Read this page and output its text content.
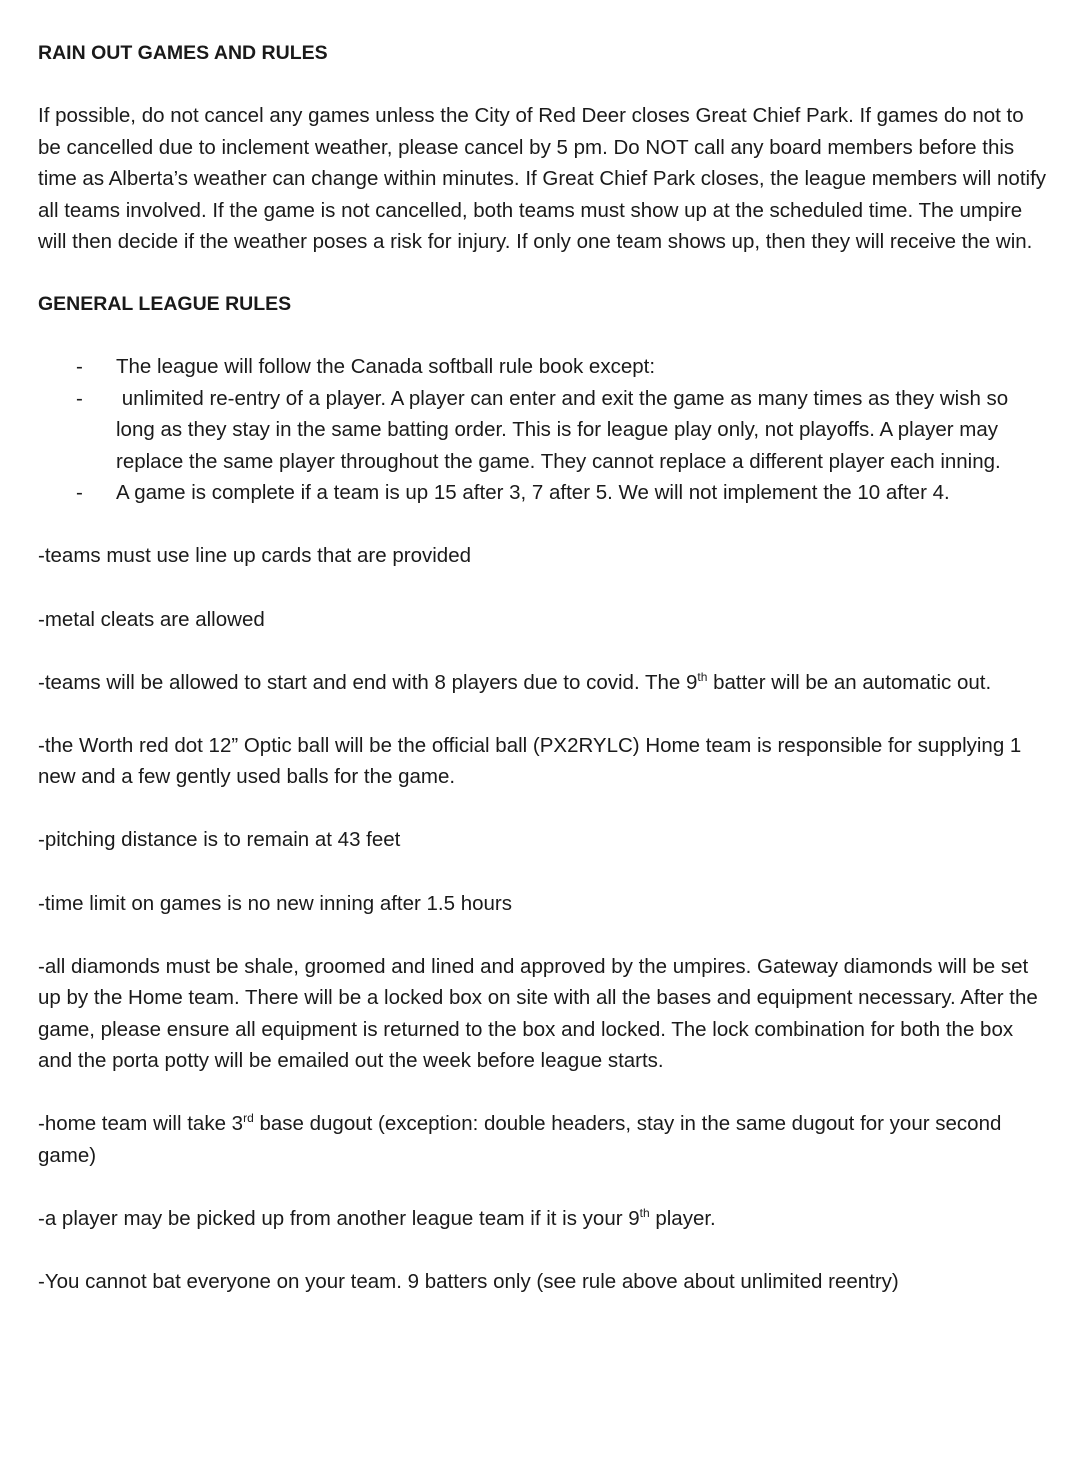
RAIN OUT GAMES AND RULES

If possible, do not cancel any games unless the City of Red Deer closes Great Chief Park. If games do not to be cancelled due to inclement weather, please cancel by 5 pm. Do NOT call any board members before this time as Alberta’s weather can change within minutes. If Great Chief Park closes, the league members will notify all teams involved. If the game is not cancelled, both teams must show up at the scheduled time. The umpire will then decide if the weather poses a risk for injury. If only one team shows up, then they will receive the win.

GENERAL LEAGUE RULES
- The league will follow the Canada softball rule book except:
- unlimited re-entry of a player. A player can enter and exit the game as many times as they wish so long as they stay in the same batting order. This is for league play only, not playoffs. A player may replace the same player throughout the game. They cannot replace a different player each inning.
- A game is complete if a team is up 15 after 3, 7 after 5. We will not implement the 10 after 4.

-teams must use line up cards that are provided

-metal cleats are allowed

-teams will be allowed to start and end with 8 players due to covid. The 9th batter will be an automatic out.

-the Worth red dot 12” Optic ball will be the official ball (PX2RYLC) Home team is responsible for supplying 1 new and a few gently used balls for the game.

-pitching distance is to remain at 43 feet

-time limit on games is no new inning after 1.5 hours

-all diamonds must be shale, groomed and lined and approved by the umpires. Gateway diamonds will be set up by the Home team. There will be a locked box on site with all the bases and equipment necessary. After the game, please ensure all equipment is returned to the box and locked. The lock combination for both the box and the porta potty will be emailed out the week before league starts.

-home team will take 3rd base dugout (exception: double headers, stay in the same dugout for your second game)

-a player may be picked up from another league team if it is your 9th player.

-You cannot bat everyone on your team. 9 batters only (see rule above about unlimited reentry)
